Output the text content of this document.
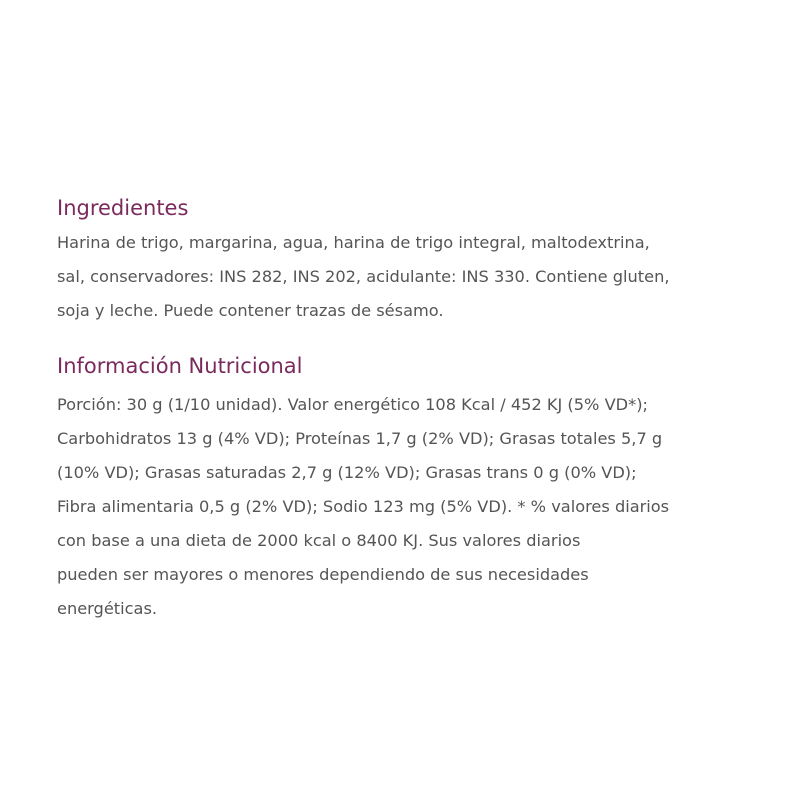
Ingredientes

Harina de trigo, margarina, agua, harina de trigo integral, maltodextrina,
sal, conservadores: INS 282, INS 202, acidulante: INS 330. Contiene gluten,
soja y leche. Puede contener trazas de sésamo.

Información Nutricional

Porción: 30 g (1/10 unidad). Valor energético 108 Kcal / 452 KJ (5% VD*);
Carbohidratos 13 g (4% VD); Proteínas 1,7 g (2% VD); Grasas totales 5,7 g
(10% VD); Grasas saturadas 2,7 g (12% VD); Grasas trans 0 g (0% VD);
Fibra alimentaria 0,5 g (2% VD); Sodio 123 mg (5% VD). * % valores diarios
con base a una dieta de 2000 kcal o 8400 KJ. Sus valores diarios
pueden ser mayores o menores dependiendo de sus necesidades
energéticas.
